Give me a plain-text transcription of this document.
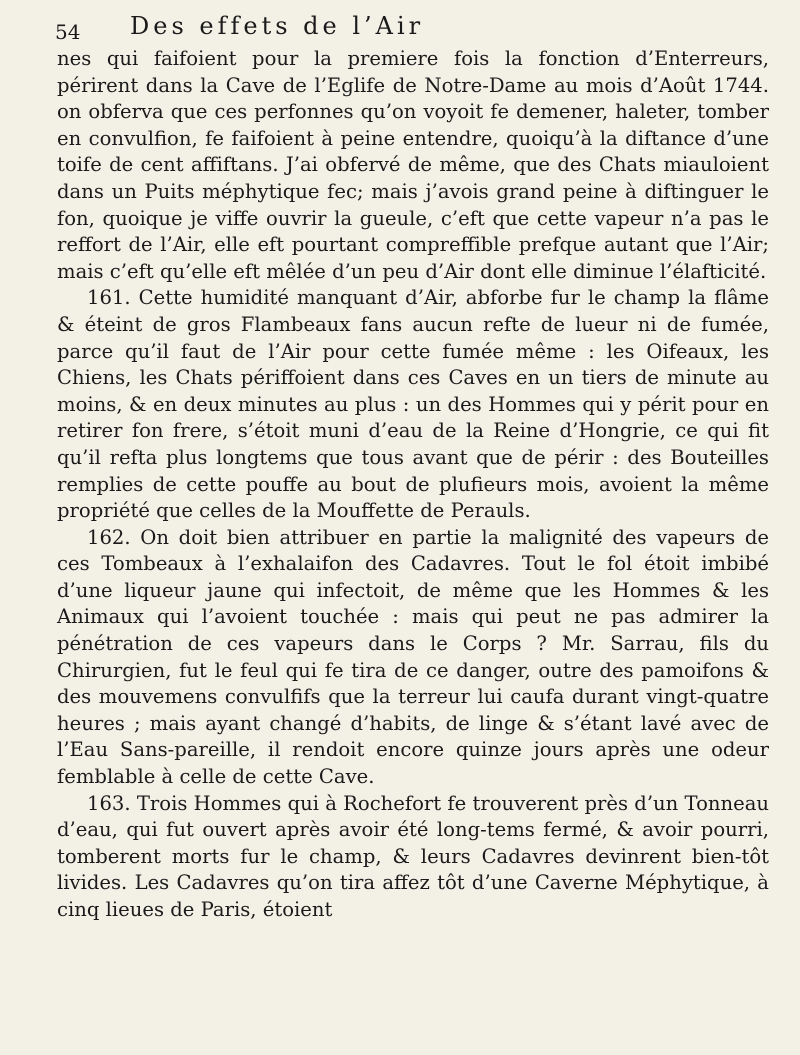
54 Des effets de l’Air

nes qui faifoient pour la premiere fois la fonction d’Enterreurs, périrent dans la Cave de l’Eglife de Notre-Dame au mois d’Août 1744. on obferva que ces perfonnes qu’on voyoit fe demener, haleter, tomber en convulfion, fe faifoient à peine entendre, quoiqu’à la diftance d’une toife de cent affiftans. J’ai obfervé de même, que des Chats miauloient dans un Puits méphytique fec; mais j’avois grand peine à diftinguer le fon, quoique je viffe ouvrir la gueule, c’eft que cette vapeur n’a pas le reffort de l’Air, elle eft pourtant compreffible prefque autant que l’Air; mais c’eft qu’elle eft mêlée d’un peu d’Air dont elle diminue l’élafticité.

161. Cette humidité manquant d’Air, abforbe fur le champ la flâme & éteint de gros Flambeaux fans aucun refte de lueur ni de fumée, parce qu’il faut de l’Air pour cette fumée même : les Oifeaux, les Chiens, les Chats périffoient dans ces Caves en un tiers de minute au moins, & en deux minutes au plus : un des Hommes qui y périt pour en retirer fon frere, s’étoit muni d’eau de la Reine d’Hongrie, ce qui fit qu’il refta plus longtems que tous avant que de périr : des Bouteilles remplies de cette pouffe au bout de plufieurs mois, avoient la même propriété que celles de la Mouffette de Perauls.

162. On doit bien attribuer en partie la malignité des vapeurs de ces Tombeaux à l’exhalaifon des Cadavres. Tout le fol étoit imbibé d’une liqueur jaune qui infectoit, de même que les Hommes & les Animaux qui l’avoient touchée : mais qui peut ne pas admirer la pénétration de ces vapeurs dans le Corps ? Mr. Sarrau, fils du Chirurgien, fut le feul qui fe tira de ce danger, outre des pamoifons & des mouvemens convulfifs que la terreur lui caufa durant vingt-quatre heures ; mais ayant changé d’habits, de linge & s’étant lavé avec de l’Eau Sans-pareille, il rendoit encore quinze jours après une odeur femblable à celle de cette Cave.

163. Trois Hommes qui à Rochefort fe trouverent près d’un Tonneau d’eau, qui fut ouvert après avoir été long-tems fermé, & avoir pourri, tomberent morts fur le champ, & leurs Cadavres devinrent bien-tôt livides. Les Cadavres qu’on tira affez tôt d’une Caverne Méphytique, à cinq lieues de Paris, étoient
